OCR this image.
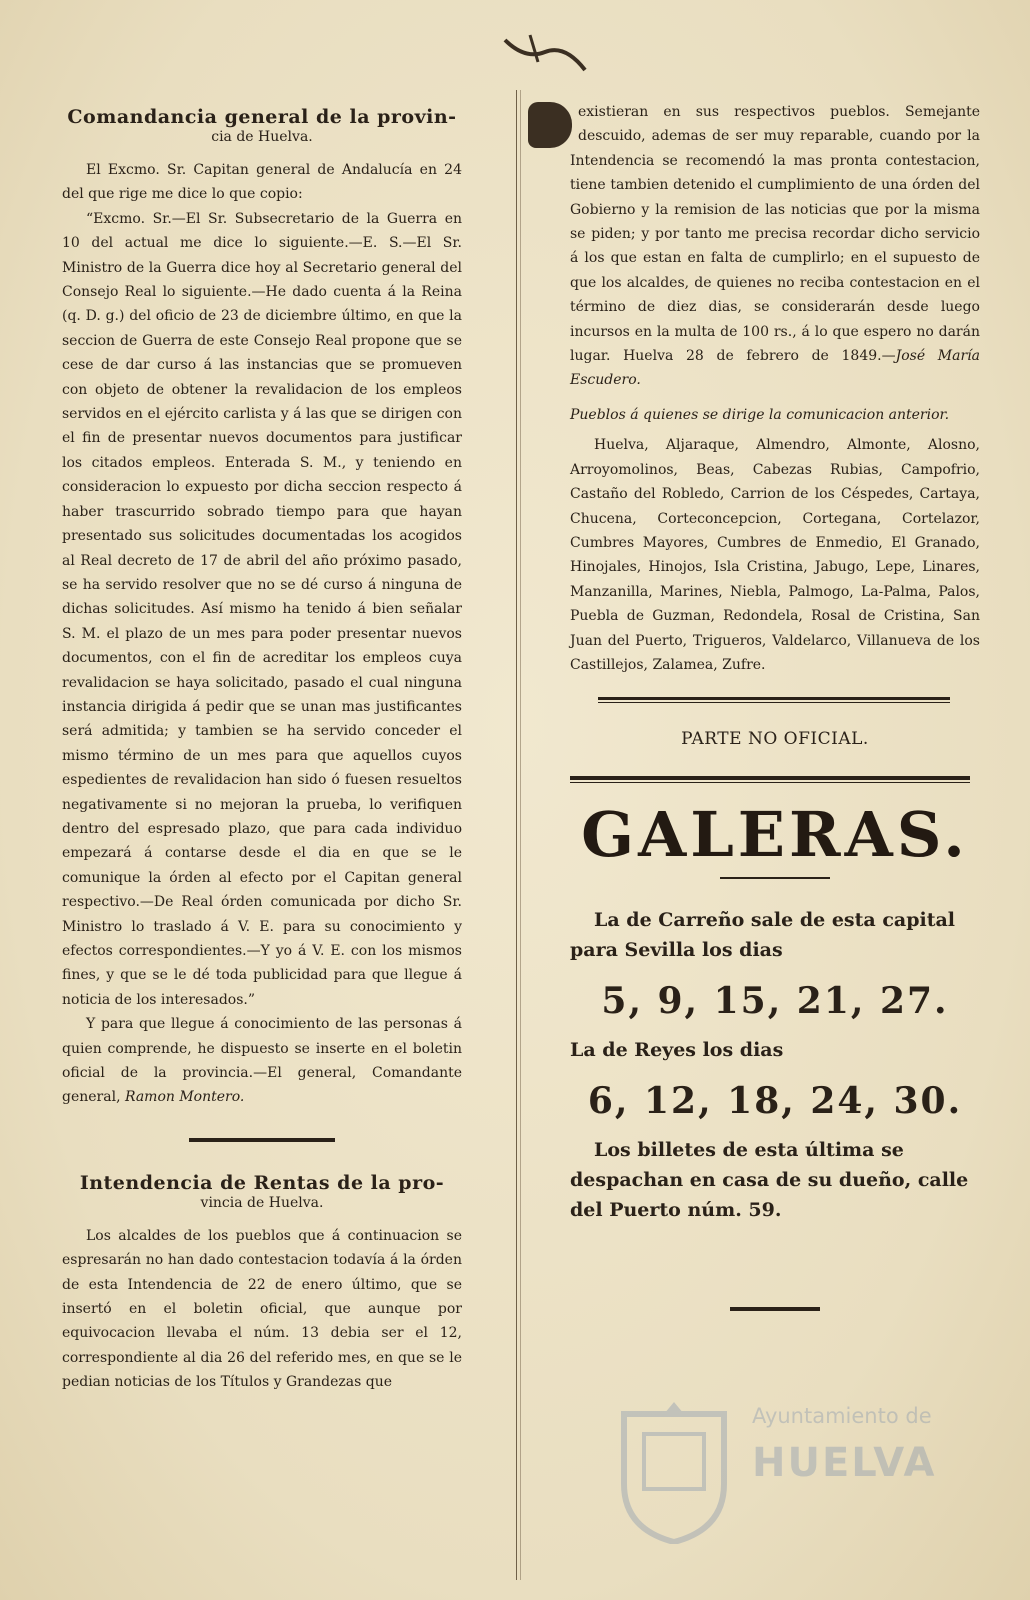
Comandancia general de la provin-
cia de Huelva.

El Excmo. Sr. Capitan general de Andalucía en 24 del que rige me dice lo que copio:

“Excmo. Sr.—El Sr. Subsecretario de la Guerra en 10 del actual me dice lo siguiente.—E. S.—El Sr. Ministro de la Guerra dice hoy al Secretario general del Consejo Real lo siguiente.—He dado cuenta á la Reina (q. D. g.) del oficio de 23 de diciembre último, en que la seccion de Guerra de este Consejo Real propone que se cese de dar curso á las instancias que se promueven con objeto de obtener la revalidacion de los empleos servidos en el ejército carlista y á las que se dirigen con el fin de presentar nuevos documentos para justificar los citados empleos. Enterada S. M., y teniendo en consideracion lo expuesto por dicha seccion respecto á haber trascurrido sobrado tiempo para que hayan presentado sus solicitudes documentadas los acogidos al Real decreto de 17 de abril del año próximo pasado, se ha servido resolver que no se dé curso á ninguna de dichas solicitudes. Así mismo ha tenido á bien señalar S. M. el plazo de un mes para poder presentar nuevos documentos, con el fin de acreditar los empleos cuya revalidacion se haya solicitado, pasado el cual ninguna instancia dirigida á pedir que se unan mas justificantes será admitida; y tambien se ha servido conceder el mismo término de un mes para que aquellos cuyos espedientes de revalidacion han sido ó fuesen resueltos negativamente si no mejoran la prueba, lo verifiquen dentro del espresado plazo, que para cada individuo empezará á contarse desde el dia en que se le comunique la órden al efecto por el Capitan general respectivo.—De Real órden comunicada por dicho Sr. Ministro lo traslado á V. E. para su conocimiento y efectos correspondientes.—Y yo á V. E. con los mismos fines, y que se le dé toda publicidad para que llegue á noticia de los interesados.”

Y para que llegue á conocimiento de las personas á quien comprende, he dispuesto se inserte en el boletin oficial de la provincia.—El general, Comandante general, Ramon Montero.

Intendencia de Rentas de la pro-
vincia de Huelva.

Los alcaldes de los pueblos que á continuacion se espresarán no han dado contestacion todavía á la órden de esta Intendencia de 22 de enero último, que se insertó en el boletin oficial, que aunque por equivocacion llevaba el núm. 13 debia ser el 12, correspondiente al dia 26 del referido mes, en que se le pedian noticias de los Títulos y Grandezas que

existieran en sus respectivos pueblos. Semejante descuido, ademas de ser muy reparable, cuando por la Intendencia se recomendó la mas pronta contestacion, tiene tambien detenido el cumplimiento de una órden del Gobierno y la remision de las noticias que por la misma se piden; y por tanto me precisa recordar dicho servicio á los que estan en falta de cumplirlo; en el supuesto de que los alcaldes, de quienes no reciba contestacion en el término de diez dias, se considerarán desde luego incursos en la multa de 100 rs., á lo que espero no darán lugar. Huelva 28 de febrero de 1849.—José María Escudero.

Pueblos á quienes se dirige la comunicacion anterior.

Huelva, Aljaraque, Almendro, Almonte, Alosno, Arroyomolinos, Beas, Cabezas Rubias, Campofrio, Castaño del Robledo, Carrion de los Céspedes, Cartaya, Chucena, Corteconcepcion, Cortegana, Cortelazor, Cumbres Mayores, Cumbres de Enmedio, El Granado, Hinojales, Hinojos, Isla Cristina, Jabugo, Lepe, Linares, Manzanilla, Marines, Niebla, Palmogo, La-Palma, Palos, Puebla de Guzman, Redondela, Rosal de Cristina, San Juan del Puerto, Trigueros, Valdelarco, Villanueva de los Castillejos, Zalamea, Zufre.

PARTE NO OFICIAL.
GALERAS.

La de Carreño sale de esta capital para Sevilla los dias

5, 9, 15, 21, 27.

La de Reyes los dias

6, 12, 18, 24, 30.

Los billetes de esta última se despachan en casa de su dueño, calle del Puerto núm. 59.

Ayuntamiento de
HUELVA
